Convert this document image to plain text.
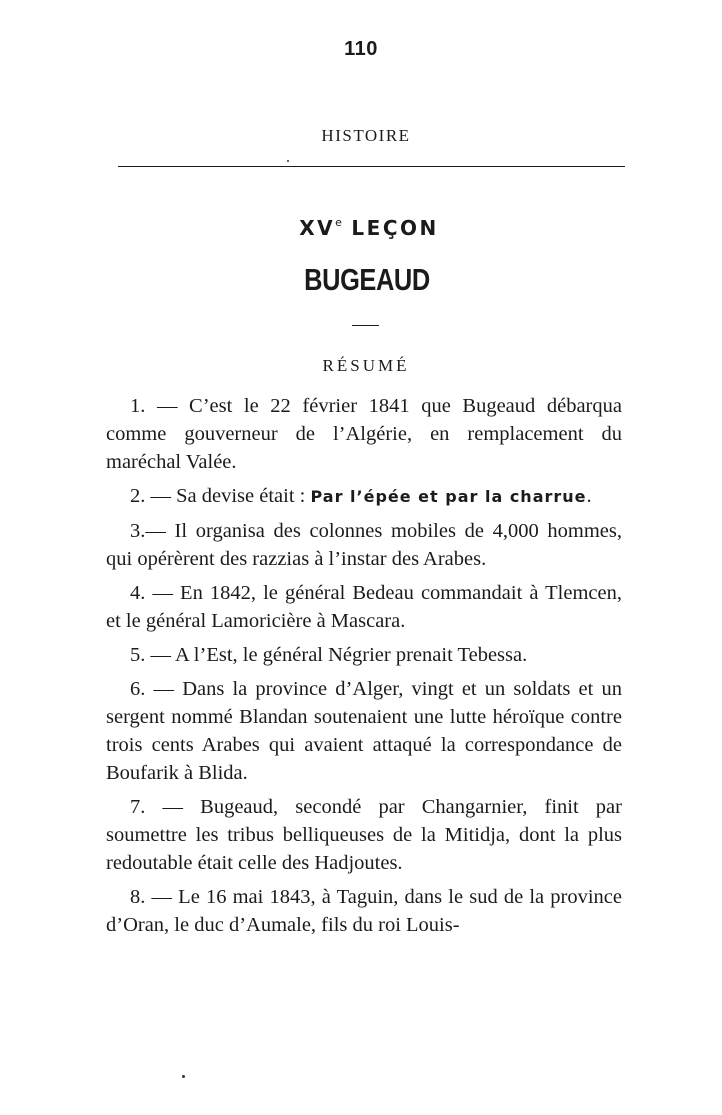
110
HISTOIRE
XVe LEÇON
BUGEAUD
RÉSUMÉ

1. — C’est le 22 février 1841 que Bugeaud débarqua comme gouverneur de l’Algérie, en remplacement du maréchal Valée.

2. — Sa devise était : Par l’épée et par la charrue.

3.— Il organisa des colonnes mobiles de 4,000 hommes, qui opérèrent des razzias à l’instar des Arabes.

4. — En 1842, le général Bedeau commandait à Tlemcen, et le général Lamoricière à Mascara.

5. — A l’Est, le général Négrier prenait Tebessa.

6. — Dans la province d’Alger, vingt et un soldats et un sergent nommé Blandan soutenaient une lutte héroïque contre trois cents Arabes qui avaient attaqué la correspondance de Boufarik à Blida.

7. — Bugeaud, secondé par Changarnier, finit par soumettre les tribus belliqueuses de la Mitidja, dont la plus redoutable était celle des Hadjoutes.

8. — Le 16 mai 1843, à Taguin, dans le sud de la province d’Oran, le duc d’Aumale, fils du roi Louis-
